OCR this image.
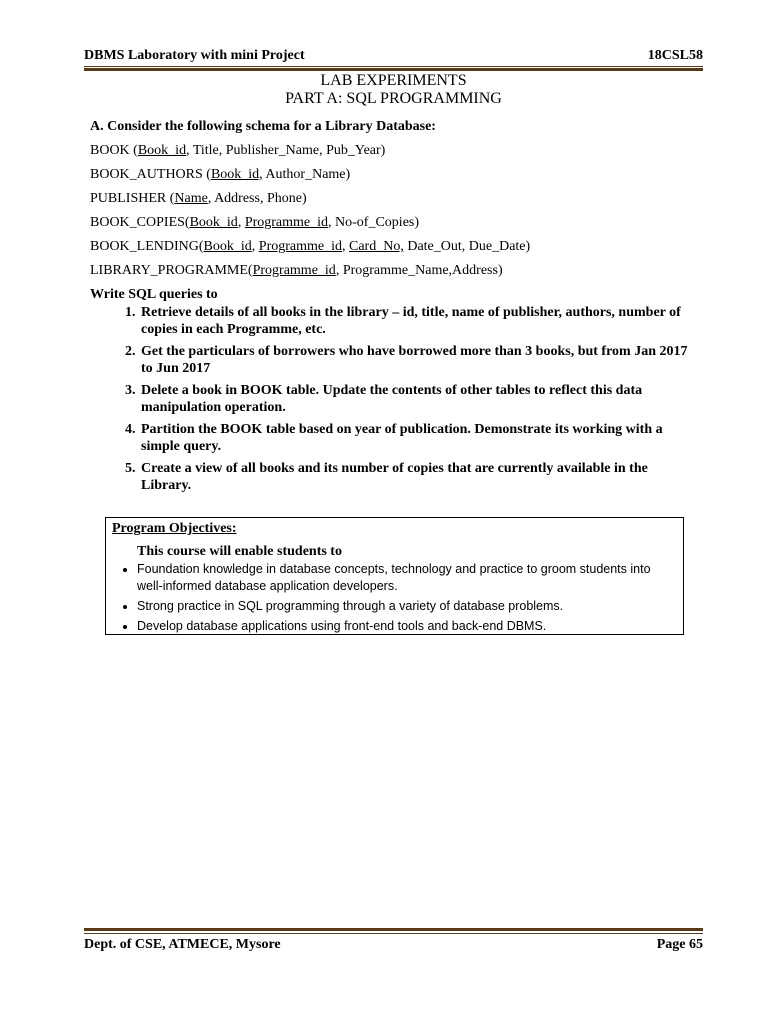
DBMS Laboratory with mini Project	18CSL58
LAB EXPERIMENTS
PART A: SQL PROGRAMMING
A. Consider the following schema for a Library Database:
BOOK (Book_id, Title, Publisher_Name, Pub_Year)
BOOK_AUTHORS (Book_id, Author_Name)
PUBLISHER (Name, Address, Phone)
BOOK_COPIES(Book_id, Programme_id, No-of_Copies)
BOOK_LENDING(Book_id, Programme_id, Card_No, Date_Out, Due_Date)
LIBRARY_PROGRAMME(Programme_id, Programme_Name,Address)
Write SQL queries to
1. Retrieve details of all books in the library – id, title, name of publisher, authors, number of copies in each Programme, etc.
2. Get the particulars of borrowers who have borrowed more than 3 books, but from Jan 2017 to Jun 2017
3. Delete a book in BOOK table. Update the contents of other tables to reflect this data manipulation operation.
4. Partition the BOOK table based on year of publication. Demonstrate its working with a simple query.
5. Create a view of all books and its number of copies that are currently available in the Library.
Program Objectives:
This course will enable students to
• Foundation knowledge in database concepts, technology and practice to groom students into well-informed database application developers.
• Strong practice in SQL programming through a variety of database problems.
• Develop database applications using front-end tools and back-end DBMS.
Dept. of CSE, ATMECE, Mysore	Page 65
